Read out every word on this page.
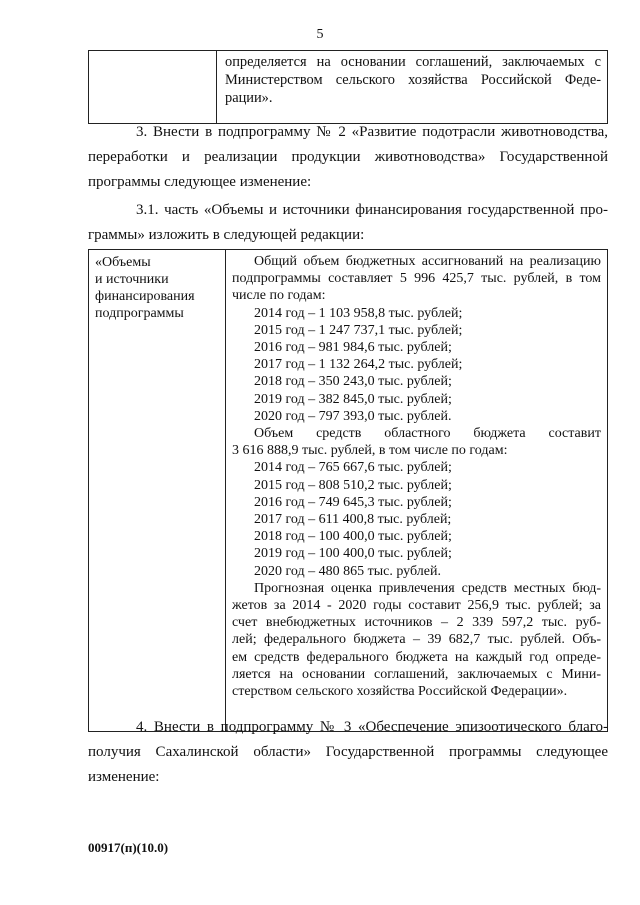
5

определяется на основании соглашений, заключаемых с
Министерством сельского хозяйства Российской Феде-
рации».
3. Внести в подпрограмму № 2 «Развитие подотрасли животноводства,
переработки и реализации продукции животноводства» Государственной
программы следующее изменение:
3.1. часть «Объемы и источники финансирования государственной про-
граммы» изложить в следующей редакции:
«Объемы
и источники
финансирования
подпрограммы

Общий объем бюджетных ассигнований на реализацию
подпрограммы составляет 5 996 425,7 тыс. рублей, в том
числе по годам:
2014 год – 1 103 958,8 тыс. рублей;
2015 год – 1 247 737,1 тыс. рублей;
2016 год – 981 984,6 тыс. рублей;
2017 год – 1 132 264,2 тыс. рублей;
2018 год – 350 243,0 тыс. рублей;
2019 год – 382 845,0 тыс. рублей;
2020 год – 797 393,0 тыс. рублей.
Объем    средств    областного    бюджета    составит
3 616 888,9 тыс. рублей, в том числе по годам:
2014 год – 765 667,6 тыс. рублей;
2015 год – 808 510,2 тыс. рублей;
2016 год – 749 645,3 тыс. рублей;
2017 год – 611 400,8 тыс. рублей;
2018 год – 100 400,0 тыс. рублей;
2019 год – 100 400,0 тыс. рублей;
2020 год – 480 865 тыс. рублей.
Прогнозная оценка привлечения средств местных бюд-
жетов за 2014 - 2020 годы составит 256,9 тыс. рублей; за
счет внебюджетных источников – 2 339 597,2 тыс. руб-
лей; федерального бюджета – 39 682,7 тыс. рублей. Объ-
ем средств федерального бюджета на каждый год опреде-
ляется на основании соглашений, заключаемых с Мини-
стерством сельского хозяйства Российской Федерации».
4. Внести в подпрограмму № 3 «Обеспечение эпизоотического благо-
получия Сахалинской области» Государственной программы следующее
изменение:
00917(п)(10.0)
